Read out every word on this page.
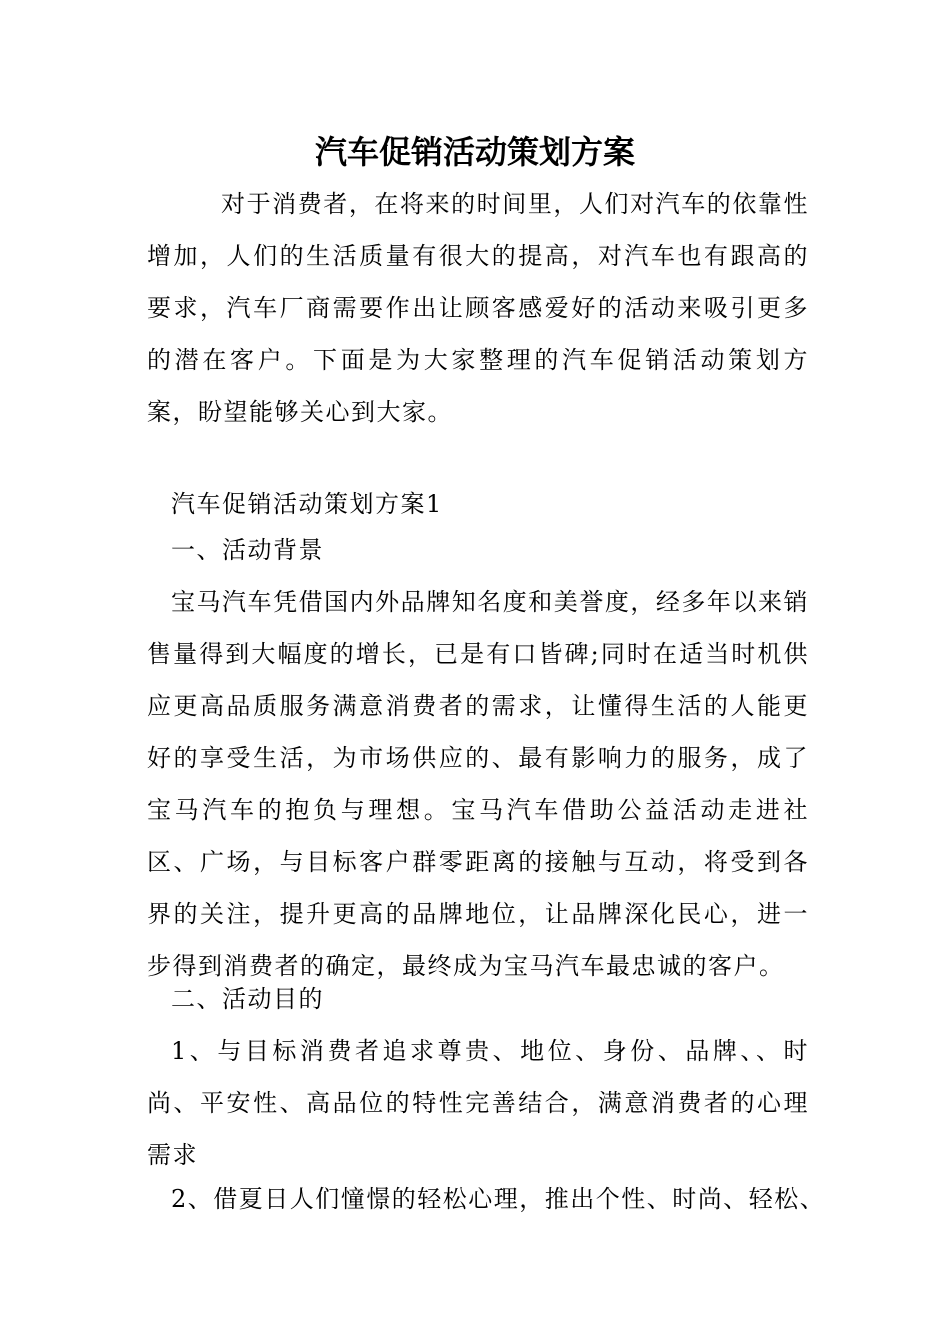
汽车促销活动策划方案

对于消费者，在将来的时间里，人们对汽车的依靠性增加，人们的生活质量有很大的提高，对汽车也有跟高的要求，汽车厂商需要作出让顾客感爱好的活动来吸引更多的潜在客户。下面是为大家整理的汽车促销活动策划方案，盼望能够关心到大家。

汽车促销活动策划方案1

一、活动背景

宝马汽车凭借国内外品牌知名度和美誉度，经多年以来销售量得到大幅度的增长，已是有口皆碑;同时在适当时机供应更高品质服务满意消费者的需求，让懂得生活的人能更好的享受生活，为市场供应的、最有影响力的服务，成了宝马汽车的抱负与理想。宝马汽车借助公益活动走进社区、广场，与目标客户群零距离的接触与互动，将受到各界的关注，提升更高的品牌地位，让品牌深化民心，进一步得到消费者的确定，最终成为宝马汽车最忠诚的客户。

二、活动目的

1、与目标消费者追求尊贵、地位、身份、品牌、、时尚、平安性、高品位的特性完善结合，满意消费者的心理需求

2、借夏日人们憧憬的轻松心理，推出个性、时尚、轻松、
